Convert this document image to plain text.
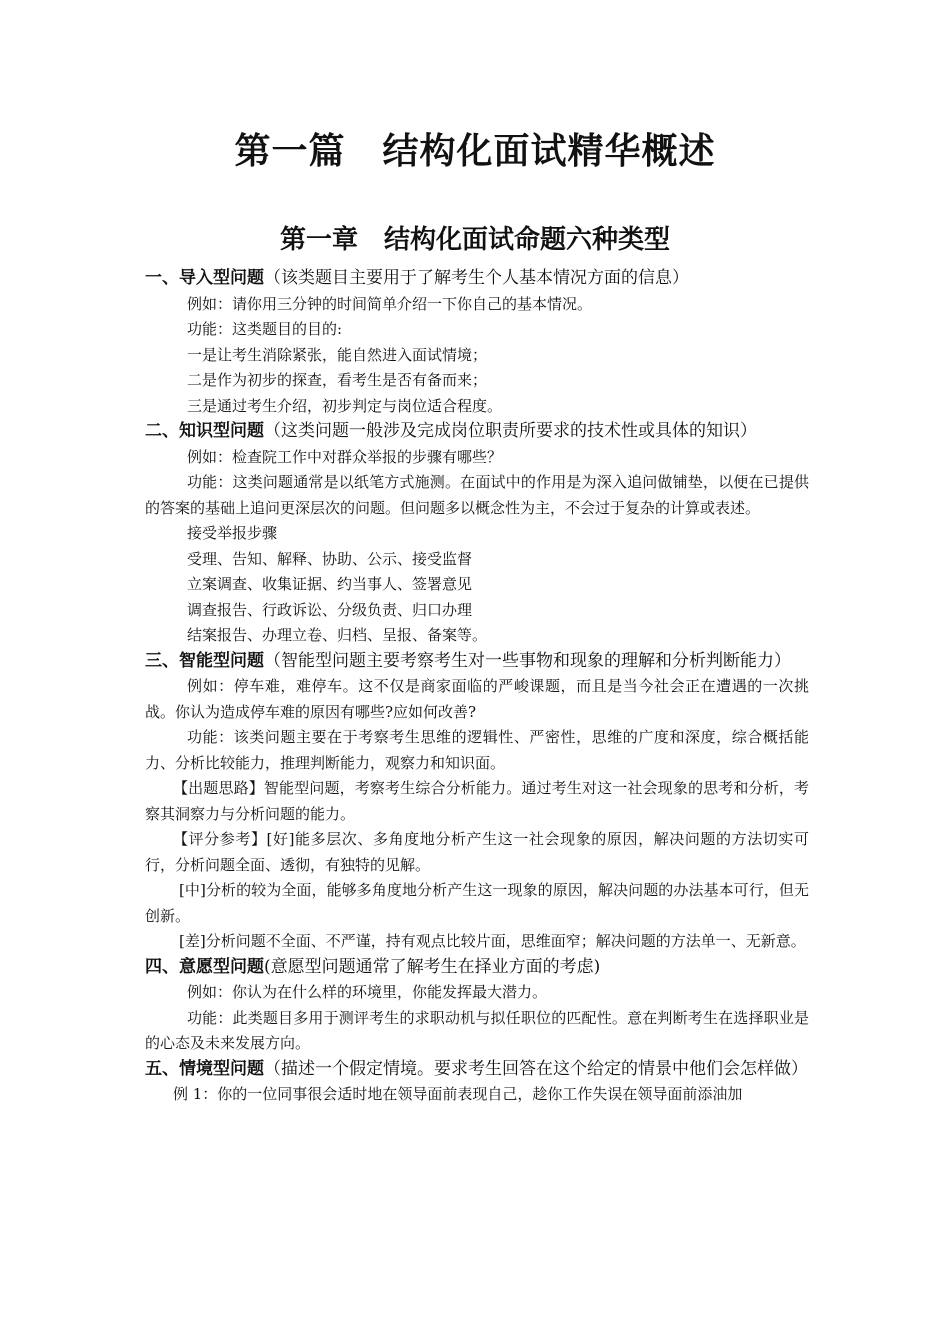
第一篇　结构化面试精华概述
第一章　结构化面试命题六种类型

一、导入型问题（该类题目主要用于了解考生个人基本情况方面的信息）

例如：请你用三分钟的时间简单介绍一下你自己的基本情况。

功能：这类题目的目的:

一是让考生消除紧张，能自然进入面试情境；

二是作为初步的探查，看考生是否有备而来；

三是通过考生介绍，初步判定与岗位适合程度。

二、知识型问题（这类问题一般涉及完成岗位职责所要求的技术性或具体的知识）

例如：检查院工作中对群众举报的步骤有哪些？

功能：这类问题通常是以纸笔方式施测。在面试中的作用是为深入追问做铺垫，以便在已提供的答案的基础上追问更深层次的问题。但问题多以概念性为主，不会过于复杂的计算或表述。

接受举报步骤

受理、告知、解释、协助、公示、接受监督

立案调查、收集证据、约当事人、签署意见

调查报告、行政诉讼、分级负责、归口办理

结案报告、办理立卷、归档、呈报、备案等。

三、智能型问题（智能型问题主要考察考生对一些事物和现象的理解和分析判断能力）

例如：停车难，难停车。这不仅是商家面临的严峻课题，而且是当今社会正在遭遇的一次挑战。你认为造成停车难的原因有哪些?应如何改善?

功能：该类问题主要在于考察考生思维的逻辑性、严密性，思维的广度和深度，综合概括能力、分析比较能力，推理判断能力，观察力和知识面。

【出题思路】智能型问题，考察考生综合分析能力。通过考生对这一社会现象的思考和分析，考察其洞察力与分析问题的能力。

【评分参考】[好]能多层次、多角度地分析产生这一社会现象的原因，解决问题的方法切实可行，分析问题全面、透彻，有独特的见解。

[中]分析的较为全面，能够多角度地分析产生这一现象的原因，解决问题的办法基本可行，但无创新。

[差]分析问题不全面、不严谨，持有观点比较片面，思维面窄；解决问题的方法单一、无新意。

四、意愿型问题(意愿型问题通常了解考生在择业方面的考虑)

例如：你认为在什么样的环境里，你能发挥最大潜力。

功能：此类题目多用于测评考生的求职动机与拟任职位的匹配性。意在判断考生在选择职业是的心态及未来发展方向。

五、情境型问题（描述一个假定情境。要求考生回答在这个给定的情景中他们会怎样做）

例 1：你的一位同事很会适时地在领导面前表现自己，趁你工作失误在领导面前添油加
